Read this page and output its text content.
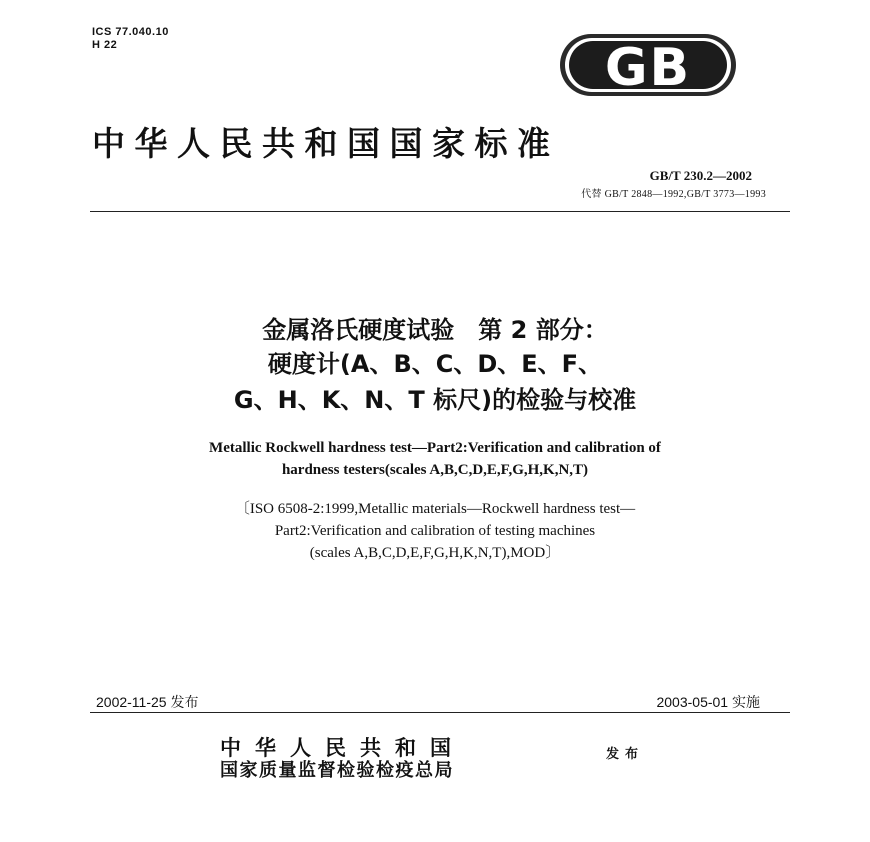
ICS 77.040.10
H 22	GB
中华人民共和国国家标准
GB/T 230.2—2002
代替 GB/T 2848—1992,GB/T 3773—1993
金属洛氏硬度试验　第 2 部分：
硬度计(A、B、C、D、E、F、
G、H、K、N、T 标尺)的检验与校准
Metallic Rockwell hardness test—Part2:Verification and calibration of
hardness testers(scales A,B,C,D,E,F,G,H,K,N,T)
〔ISO 6508-2:1999,Metallic materials—Rockwell hardness test—
Part2:Verification and calibration of testing machines
(scales A,B,C,D,E,F,G,H,K,N,T),MOD〕
2002-11-25 发布	2003-05-01 实施
中华人民共和国
国家质量监督检验检疫总局
发布
